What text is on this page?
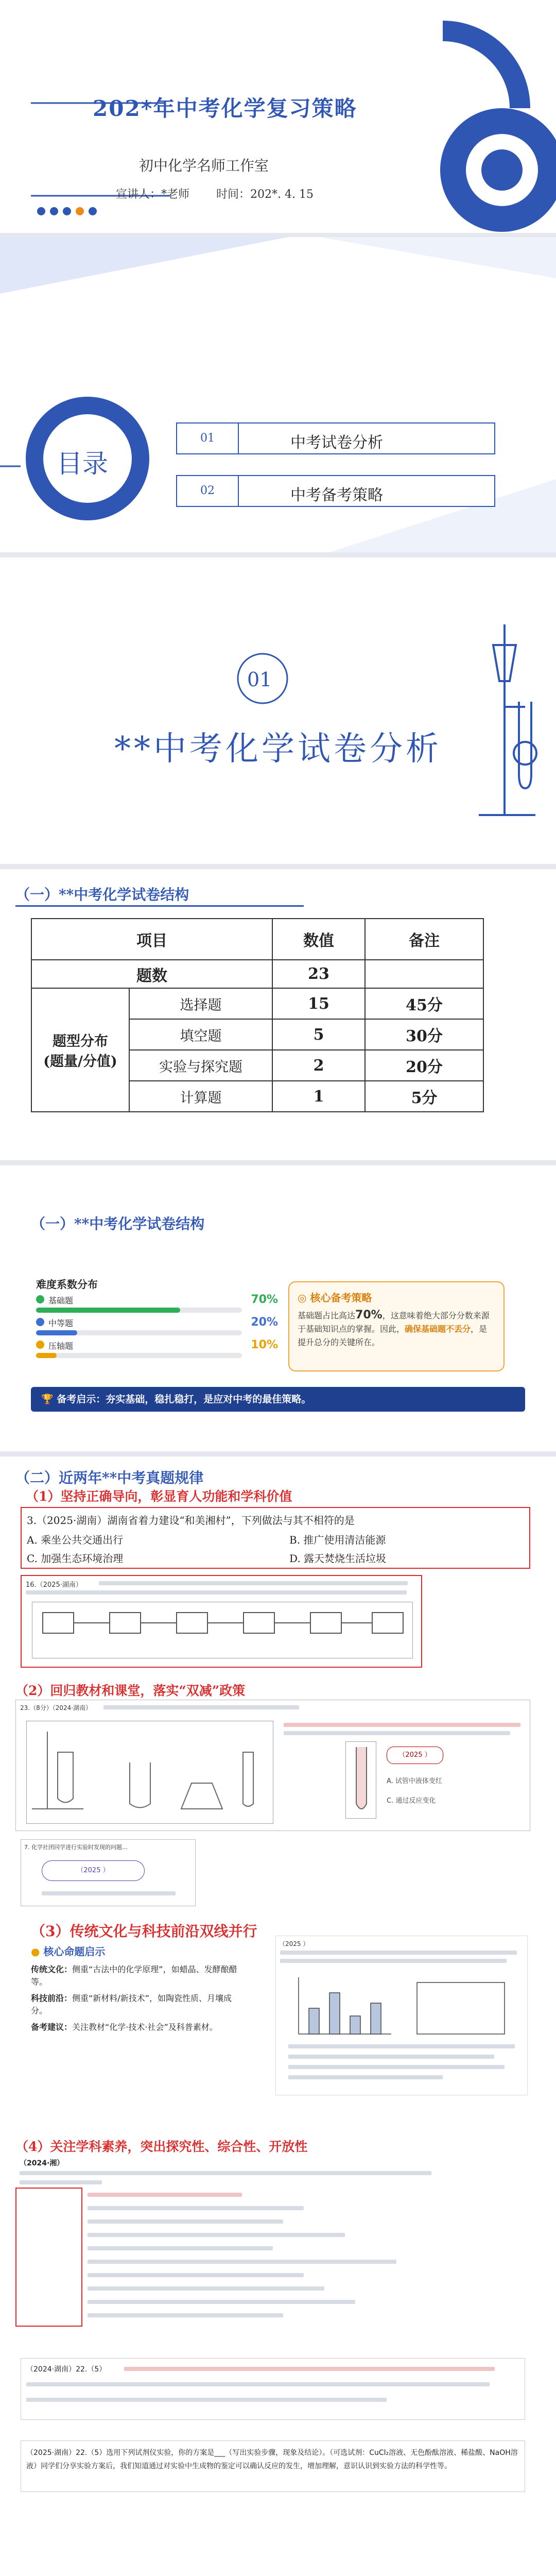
202*年中考化学复习策略
初中化学名师工作室
宣讲人：*老师 时间：202*. 4. 15
目录
01	中考试卷分析
02	中考备考策略
01
**中考化学试卷分析
（一）**中考化学试卷结构
项目		数值	备注
题数		23	
题型分布
(题量/分值)	选择题	15	45分
	填空题	5	30分
	实验与探究题	2	20分
	计算题	1	5分
（一）**中考化学试卷结构
难度系数分布
基础题	70%
中等题	20%
压轴题	10%
◎ 核心备考策略
基础题占比高达70%，这意味着绝大部分分数来源于基础知识点的掌握。因此，确保基础题不丢分，是提升总分的关键所在。
🏆 备考启示：夯实基础，稳扎稳打，是应对中考的最佳策略。
（二）近两年**中考真题规律
（1）坚持正确导向，彰显育人功能和学科价值
3.（2025·湖南）湖南省着力建设“和美湘村”，下列做法与其不相符的是
A. 乘坐公共交通出行	B. 推广使用清洁能源
C. 加强生态环境治理	D. 露天焚烧生活垃圾
16.（2025·湖南）
（2）回归教材和课堂，落实“双减”政策
23.（8分）（2024·湖南）
（2025 ）
A. 试管中液体变红
C. 通过反应变化
7. 化学社团同学进行实验时发现的问题…
（2025 ）
（3）传统文化与科技前沿双线并行
● 核心命题启示
传统文化：侧重“古法中的化学原理”，如蜡晶、发酵酿醋等。
科技前沿：侧重“新材料/新技术”，如陶瓷性质、月壤成分。
备考建议：关注教材“化学·技术·社会”及科普素材。
（2025 ）
（4）关注学科素养，突出探究性、综合性、开放性
（2024·湘）
（2024·湖南）22.（5）
（2025·湖南）22.（5）选用下列试剂仪实验，你的方案是___（写出实验步骤，现象及结论）。（可选试剂：CuCl₂溶液、无色酚酞溶液、稀盐酸、NaOH溶液）同学们分享实验方案后，我们知道通过对实验中生成物的鉴定可以确认反应的发生，增加理解，意识认识到实验方法的科学性等。
